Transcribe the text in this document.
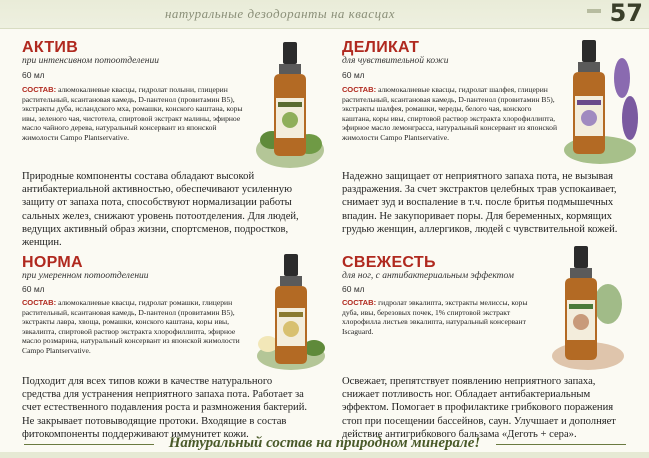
натуральные дезодоранты на квасцах	57
АКТИВ
при интенсивном потоотделении
60 мл
СОСТАВ: алюмокалиевые квасцы, гидролат полыни, глицерин растительный, ксантановая камедь, D-пантенол (провитамин B5), экстракты дуба, исландского мха, ромашки, конского каштана, коры ивы, зеленого чая, чистотела, спиртовой экстракт малины, эфирное масло чайного дерева, натуральный консервант из японской жимолости Campo Plantservative.
Природные компоненты состава обладают высокой антибактериальной активностью, обеспечивают усиленную защиту от запаха пота, способствуют нормализации работы сальных желез, снижают уровень потоотделения. Для людей, ведущих активный образ жизни, спортсменов, подростков, женщин.
ДЕЛИКАТ
для чувствительной кожи
60 мл
СОСТАВ: алюмокалиевые квасцы, гидролат шалфея, глицерин растительный, ксантановая камедь, D-пантенол (провитамин B5), экстракты шалфея, ромашки, череды, белого чая, конского каштана, коры ивы, спиртовой раствор экстракта хлорофиллипта, эфирное масло лемонграсса, натуральный консервант из японской жимолости Campo Plantservative.
Надежно защищает от неприятного запаха пота, не вызывая раздражения. За счет экстрактов целебных трав успокаивает, снимает зуд и воспаление в т.ч. после бритья подмышечных впадин. Не закупоривает поры. Для беременных, кормящих грудью женщин, аллергиков, людей с чувствительной кожей.
НОРМА
при умеренном потоотделении
60 мл
СОСТАВ: алюмокалиевые квасцы, гидролат ромашки, глицерин растительный, ксантановая камедь, D-пантенол (провитамин B5), экстракты лавра, хвоща, ромашки, конского каштана, коры ивы, эвкалипта, спиртовой раствор экстракта хлорофиллипта, эфирное масло розмарина, натуральный консервант из японской жимолости Campo Plantservative.
Подходит для всех типов кожи в качестве натурального средства для устранения неприятного запаха пота. Работает за счет естественного подавления роста и размножения бактерий. Не закрывает потовыводящие протоки. Входящие в состав фитокомпоненты поддерживают иммунитет кожи.
СВЕЖЕСТЬ
для ног, с антибактериальным эффектом
60 мл
СОСТАВ: гидролат эвкалипта, экстракты мелиссы, коры дуба, ивы, березовых почек, 1% спиртовой экстракт хлорофилла листьев эвкалипта, натуральный консервант Iscaguard.
Освежает, препятствует появлению неприятного запаха, снижает потливость ног. Обладает антибактериальным эффектом. Помогает в профилактике грибкового поражения стоп при посещении бассейнов, саун. Улучшает и дополняет действие антигрибкового бальзама «Деготь + сера».
Натуральный состав на природном минерале!
